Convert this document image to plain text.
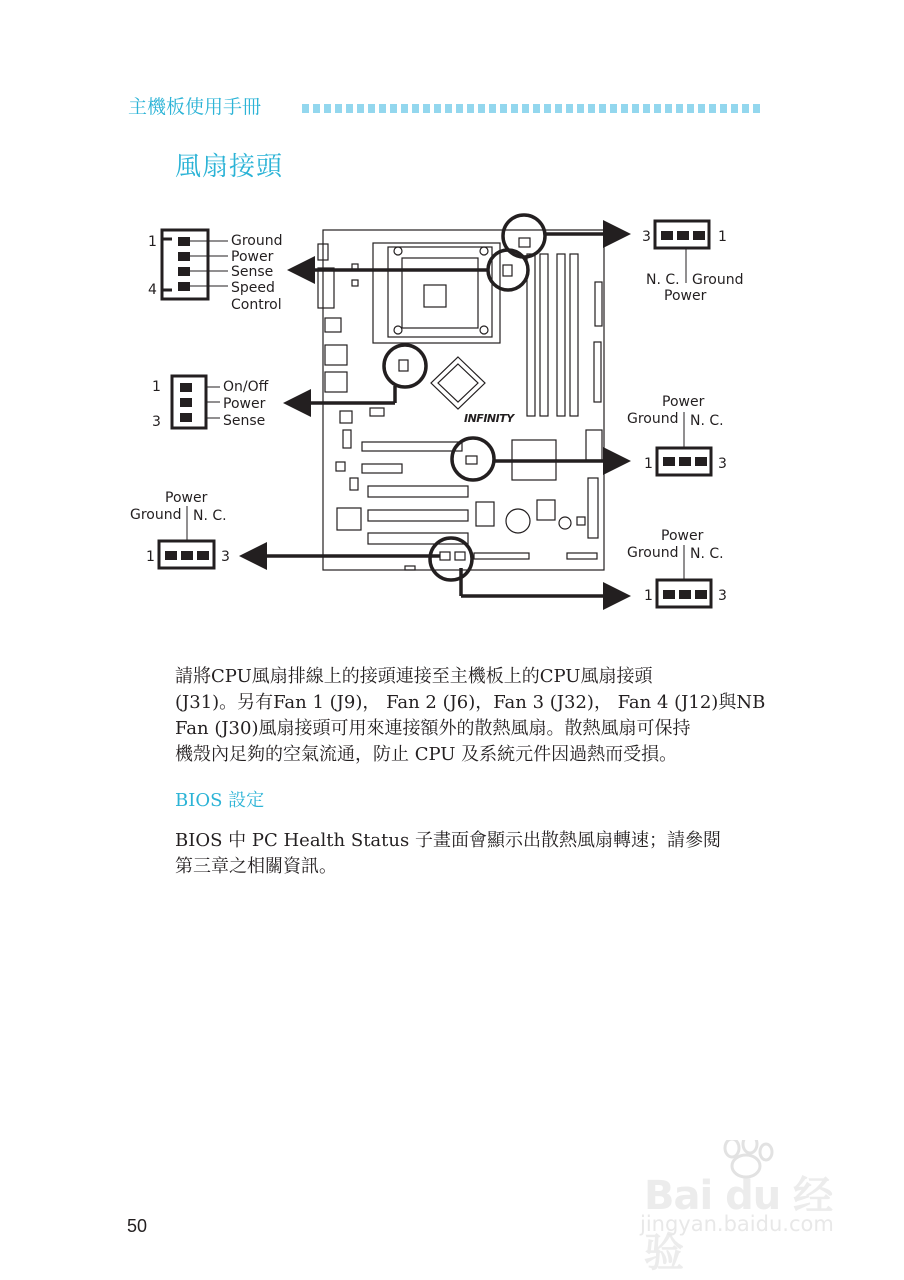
主機板使用手冊
風扇接頭
INFINITY
1
4
Ground
Power
Sense
Speed
Control
1
3
On/Off
Power
Sense
Power
Ground N. C.
1	3
3	1
N. C. Ground
Power
Power
Ground N. C.
1	3
Power
Ground N. C.
1	3
請將CPU風扇排線上的接頭連接至主機板上的CPU風扇接頭
(J31)。另有Fan 1 (J9)， Fan 2 (J6)，Fan 3 (J32)， Fan 4 (J12)與NB
Fan (J30)風扇接頭可用來連接額外的散熱風扇。散熱風扇可保持
機殼內足夠的空氣流通，防止 CPU 及系統元件因過熱而受損。
BIOS 設定
BIOS 中 PC Health Status 子畫面會顯示出散熱風扇轉速；請參閱
第三章之相關資訊。
50
Bai du 经验
jingyan.baidu.com
